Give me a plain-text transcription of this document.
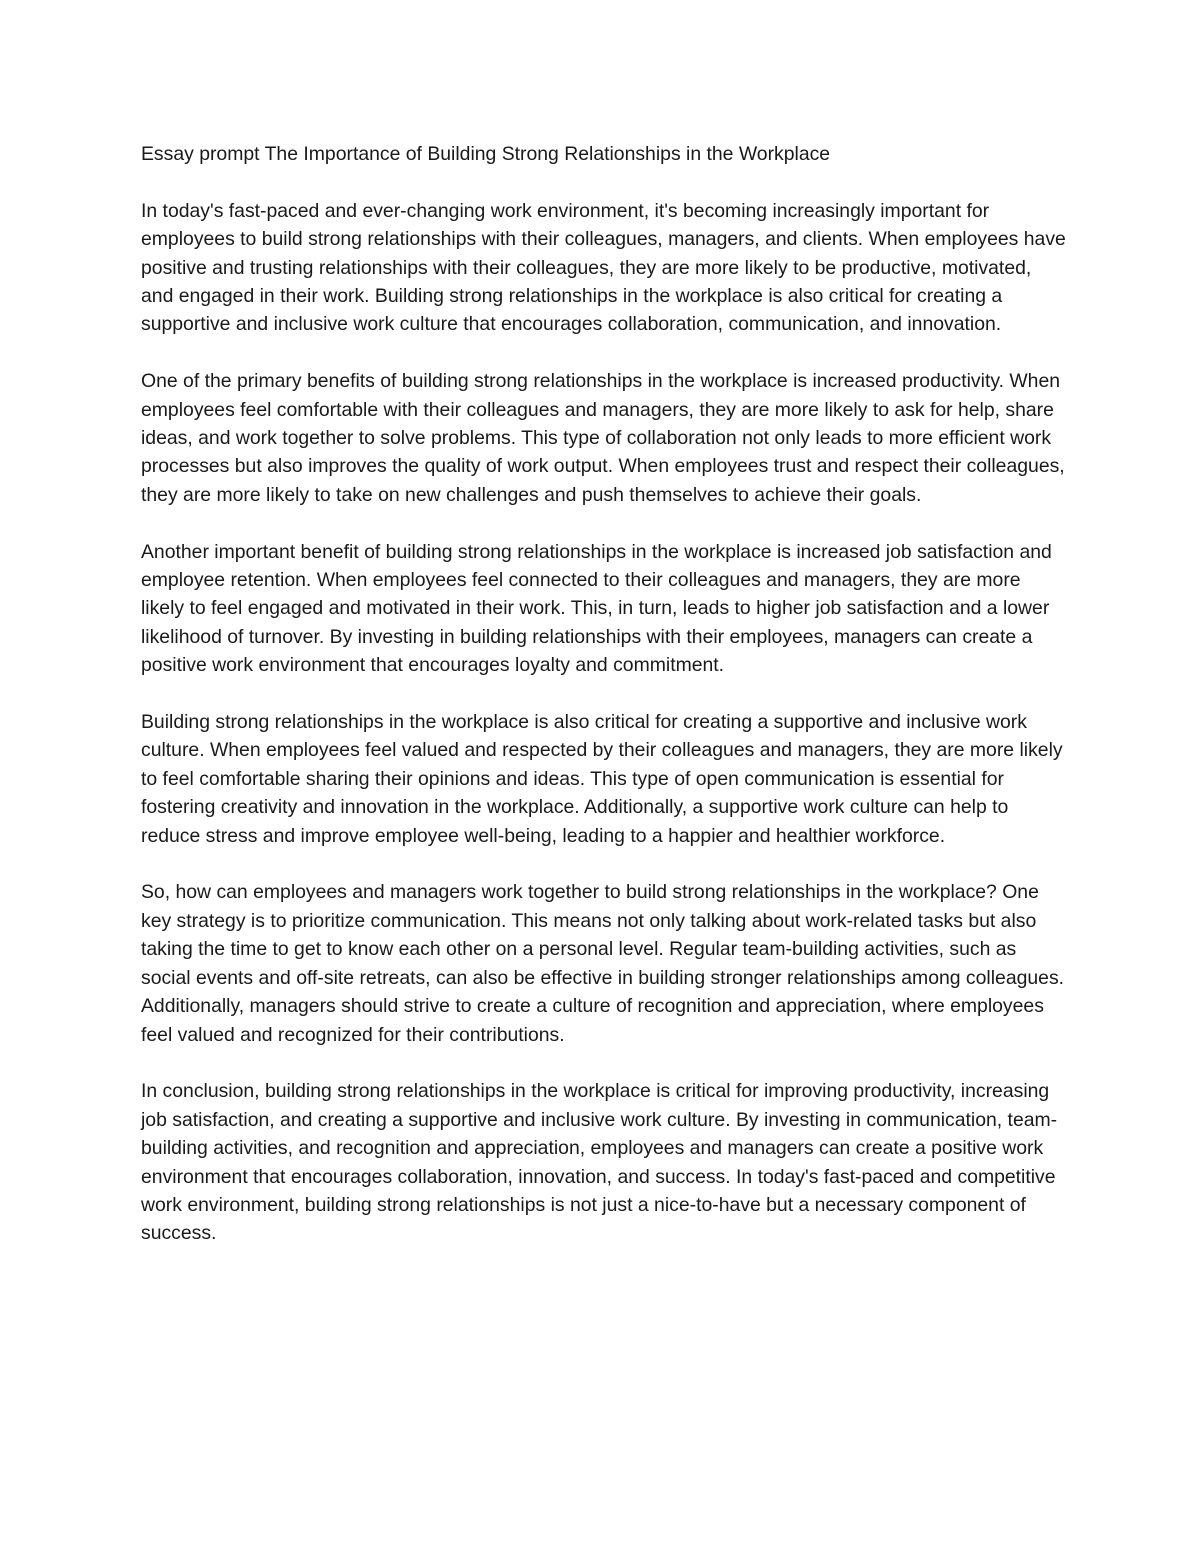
Essay prompt The Importance of Building Strong Relationships in the Workplace

In today's fast-paced and ever-changing work environment, it's becoming increasingly important for employees to build strong relationships with their colleagues, managers, and clients. When employees have positive and trusting relationships with their colleagues, they are more likely to be productive, motivated, and engaged in their work. Building strong relationships in the workplace is also critical for creating a supportive and inclusive work culture that encourages collaboration, communication, and innovation.

One of the primary benefits of building strong relationships in the workplace is increased productivity. When employees feel comfortable with their colleagues and managers, they are more likely to ask for help, share ideas, and work together to solve problems. This type of collaboration not only leads to more efficient work processes but also improves the quality of work output. When employees trust and respect their colleagues, they are more likely to take on new challenges and push themselves to achieve their goals.

Another important benefit of building strong relationships in the workplace is increased job satisfaction and employee retention. When employees feel connected to their colleagues and managers, they are more likely to feel engaged and motivated in their work. This, in turn, leads to higher job satisfaction and a lower likelihood of turnover. By investing in building relationships with their employees, managers can create a positive work environment that encourages loyalty and commitment.

Building strong relationships in the workplace is also critical for creating a supportive and inclusive work culture. When employees feel valued and respected by their colleagues and managers, they are more likely to feel comfortable sharing their opinions and ideas. This type of open communication is essential for fostering creativity and innovation in the workplace. Additionally, a supportive work culture can help to reduce stress and improve employee well-being, leading to a happier and healthier workforce.

So, how can employees and managers work together to build strong relationships in the workplace? One key strategy is to prioritize communication. This means not only talking about work-related tasks but also taking the time to get to know each other on a personal level. Regular team-building activities, such as social events and off-site retreats, can also be effective in building stronger relationships among colleagues. Additionally, managers should strive to create a culture of recognition and appreciation, where employees feel valued and recognized for their contributions.

In conclusion, building strong relationships in the workplace is critical for improving productivity, increasing job satisfaction, and creating a supportive and inclusive work culture. By investing in communication, team-building activities, and recognition and appreciation, employees and managers can create a positive work environment that encourages collaboration, innovation, and success. In today's fast-paced and competitive work environment, building strong relationships is not just a nice-to-have but a necessary component of success.
